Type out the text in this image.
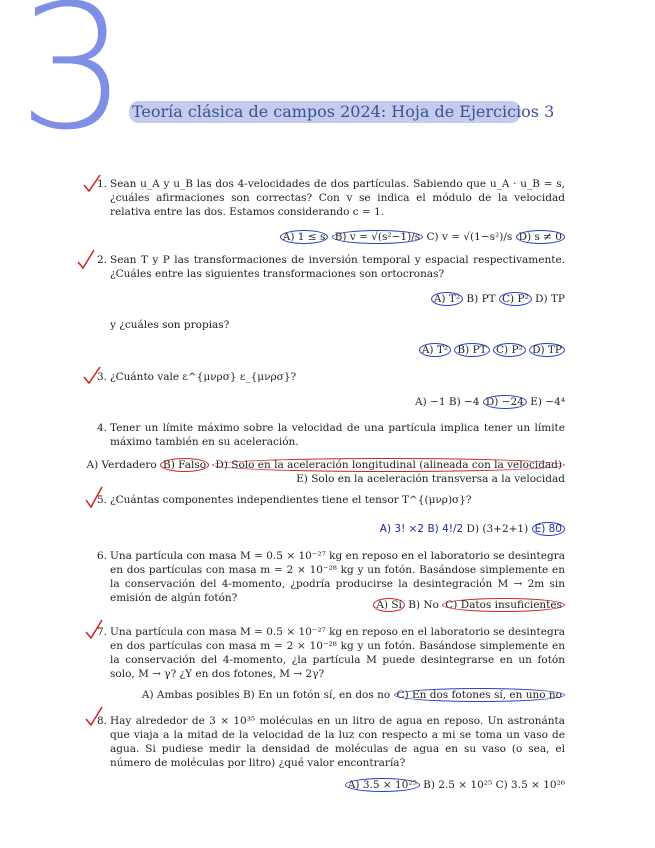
3 Teoría clásica de campos 2024: Hoja de Ejercicios 3
1. Sean u_A y u_B las dos 4-velocidades de dos partículas. Sabiendo que u_A · u_B = s, ¿cuáles afirmaciones son correctas? Con v se indica el módulo de la velocidad relativa entre las dos. Estamos considerando c = 1.
A) 1 ≤ s B) v = √(s²−1)/s C) v = √(1−s²)/s D) s ≠ 0
2. Sean T y P las transformaciones de inversión temporal y espacial respectivamente. ¿Cuáles entre las siguientes transformaciones son ortocronas?
A) T² B) PT C) P² D) TP
y ¿cuáles son propias?
A) T² B) PT C) P² D) TP
3. ¿Cuánto vale ε^{μνρσ} ε_{μνρσ}?
A) −1 B) −4 D) −24 E) −4⁴
4. Tener un límite máximo sobre la velocidad de una partícula implica tener un límite máximo también en su aceleración.
A) Verdadero B) Falso D) Solo en la aceleración longitudinal (alineada con la velocidad)
E) Solo en la aceleración transversa a la velocidad
5. ¿Cuántas componentes independientes tiene el tensor T^{(μνρ)σ}?
A) 3! ×2 B) 4!/2 D) (3+2+1) E) 80
6. Una partícula con masa M = 0.5 × 10⁻²⁷ kg en reposo en el laboratorio se desintegra en dos partículas con masa m = 2 × 10⁻²⁸ kg y un fotón. Basándose simplemente en la conservación del 4-momento, ¿podría producirse la desintegración M → 2m sin emisión de algún fotón?
A) Sí B) No C) Datos insuficientes
7. Una partícula con masa M = 0.5 × 10⁻²⁷ kg en reposo en el laboratorio se desintegra en dos partículas con masa m = 2 × 10⁻²⁸ kg y un fotón. Basándose simplemente en la conservación del 4-momento, ¿la partícula M puede desintegrarse en un fotón solo, M → γ? ¿Y en dos fotones, M → 2γ?
A) Ambas posibles B) En un fotón sí, en dos no C) En dos fotones sí, en uno no
8. Hay alrededor de 3 × 10³⁵ moléculas en un litro de agua en reposo. Un astronánta que viaja a la mitad de la velocidad de la luz con respecto a mi se toma un vaso de agua. Si pudiese medir la densidad de moléculas de agua en su vaso (o sea, el número de moléculas por litro) ¿qué valor encontraría?
A) 3.5 × 10²⁵ B) 2.5 × 10²⁵ C) 3.5 × 10²⁶
